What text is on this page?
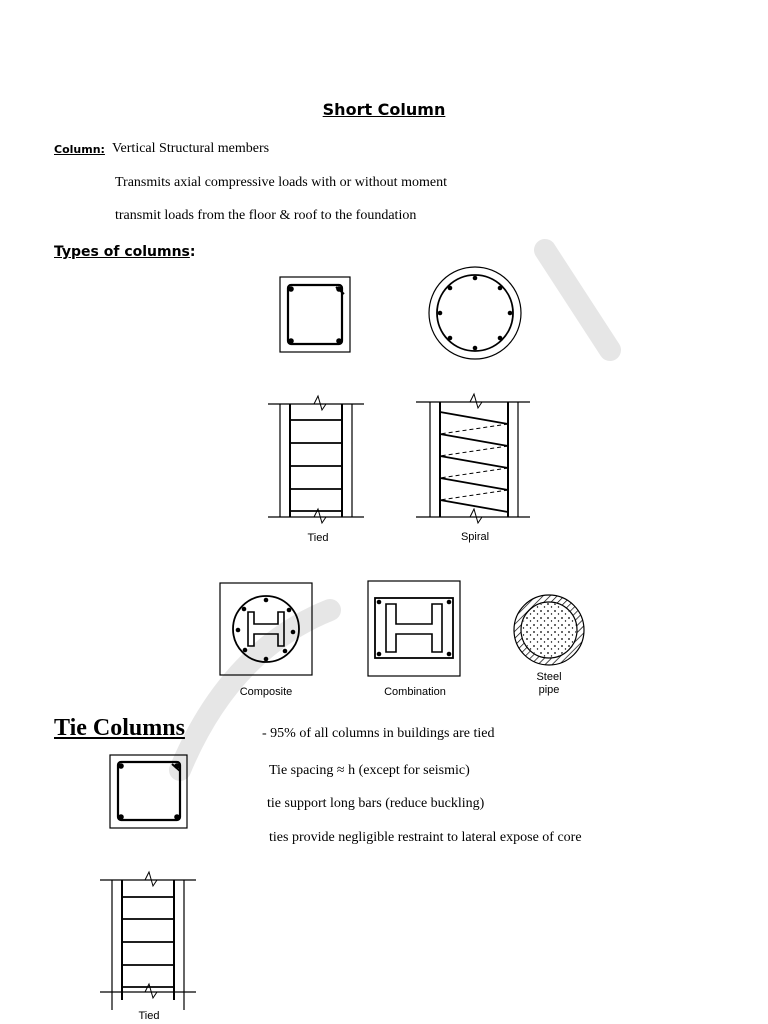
Short Column
Column: Vertical Structural members
Transmits axial compressive loads with or without moment
transmit loads from the floor & roof to the foundation
Types of columns:
Tied	Spiral
Composite	Combination
Steel
pipe
Tied
Tie Columns	- 95% of all columns in buildings are tied
Tie spacing ≈ h (except for seismic)
tie support long bars (reduce buckling)
ties provide negligible restraint to lateral expose of core
